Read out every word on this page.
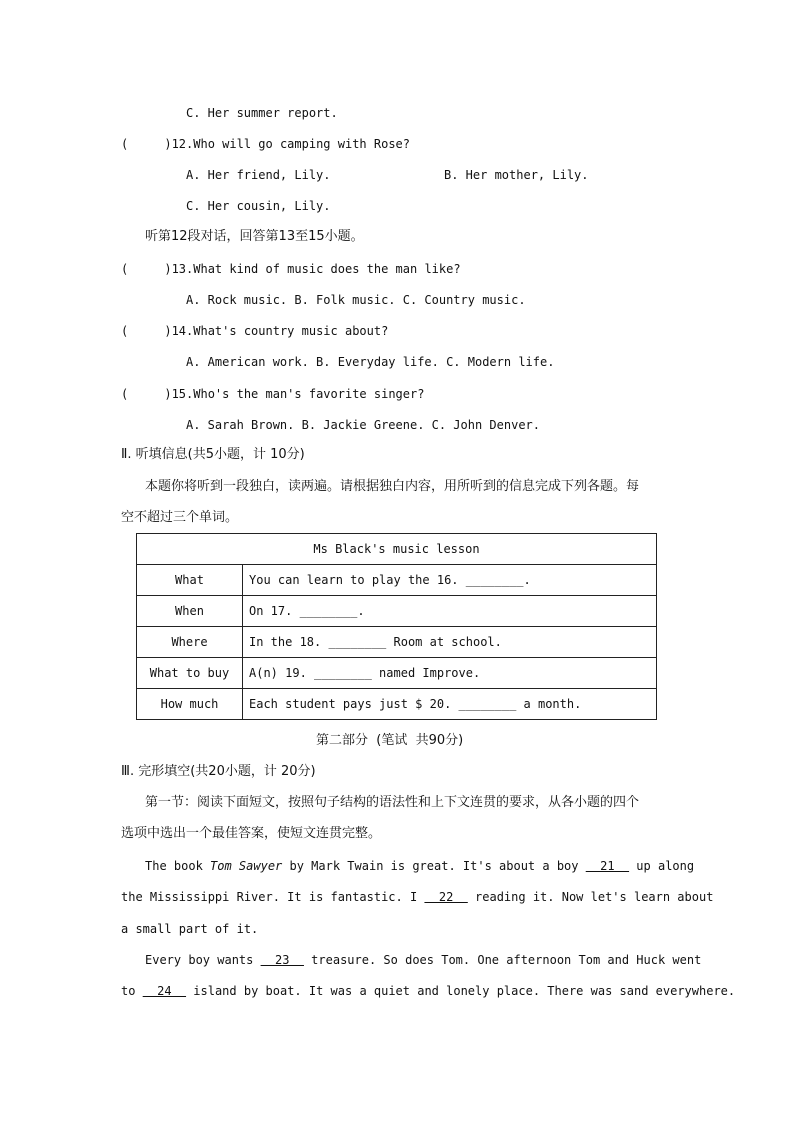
C. Her summer report.
(     )12.Who will go camping with Rose?
A. Her friend, Lily.	B. Her mother, Lily.
C. Her cousin, Lily.
听第12段对话，回答第13至15小题。
(     )13.What kind of music does the man like?
A. Rock music. B. Folk music. C. Country music.
(     )14.What's country music about?
A. American work. B. Everyday life. C. Modern life.
(     )15.Who's the man's favorite singer?
A. Sarah Brown. B. Jackie Greene. C. John Denver.
Ⅱ. 听填信息(共5小题，计 10分)
本题你将听到一段独白，读两遍。请根据独白内容，用所听到的信息完成下列各题。每
空不超过三个单词。
Ms Black's music lesson	
What	You can learn to play the 16. ________.
When	On 17. ________.
Where	In the 18. ________ Room at school.
What to buy	A(n) 19. ________ named Improve.
How much	Each student pays just $ 20. ________ a month.
第二部分  (笔试  共90分)
Ⅲ. 完形填空(共20小题，计 20分)
第一节：阅读下面短文，按照句子结构的语法性和上下文连贯的要求，从各小题的四个
选项中选出一个最佳答案，使短文连贯完整。
The book Tom Sawyer by Mark Twain is great. It's about a boy   21   up along
the Mississippi River. It is fantastic. I   22   reading it. Now let's learn about
a small part of it.
Every boy wants   23   treasure. So does Tom. One afternoon Tom and Huck went
to   24   island by boat. It was a quiet and lonely place. There was sand everywhere.
